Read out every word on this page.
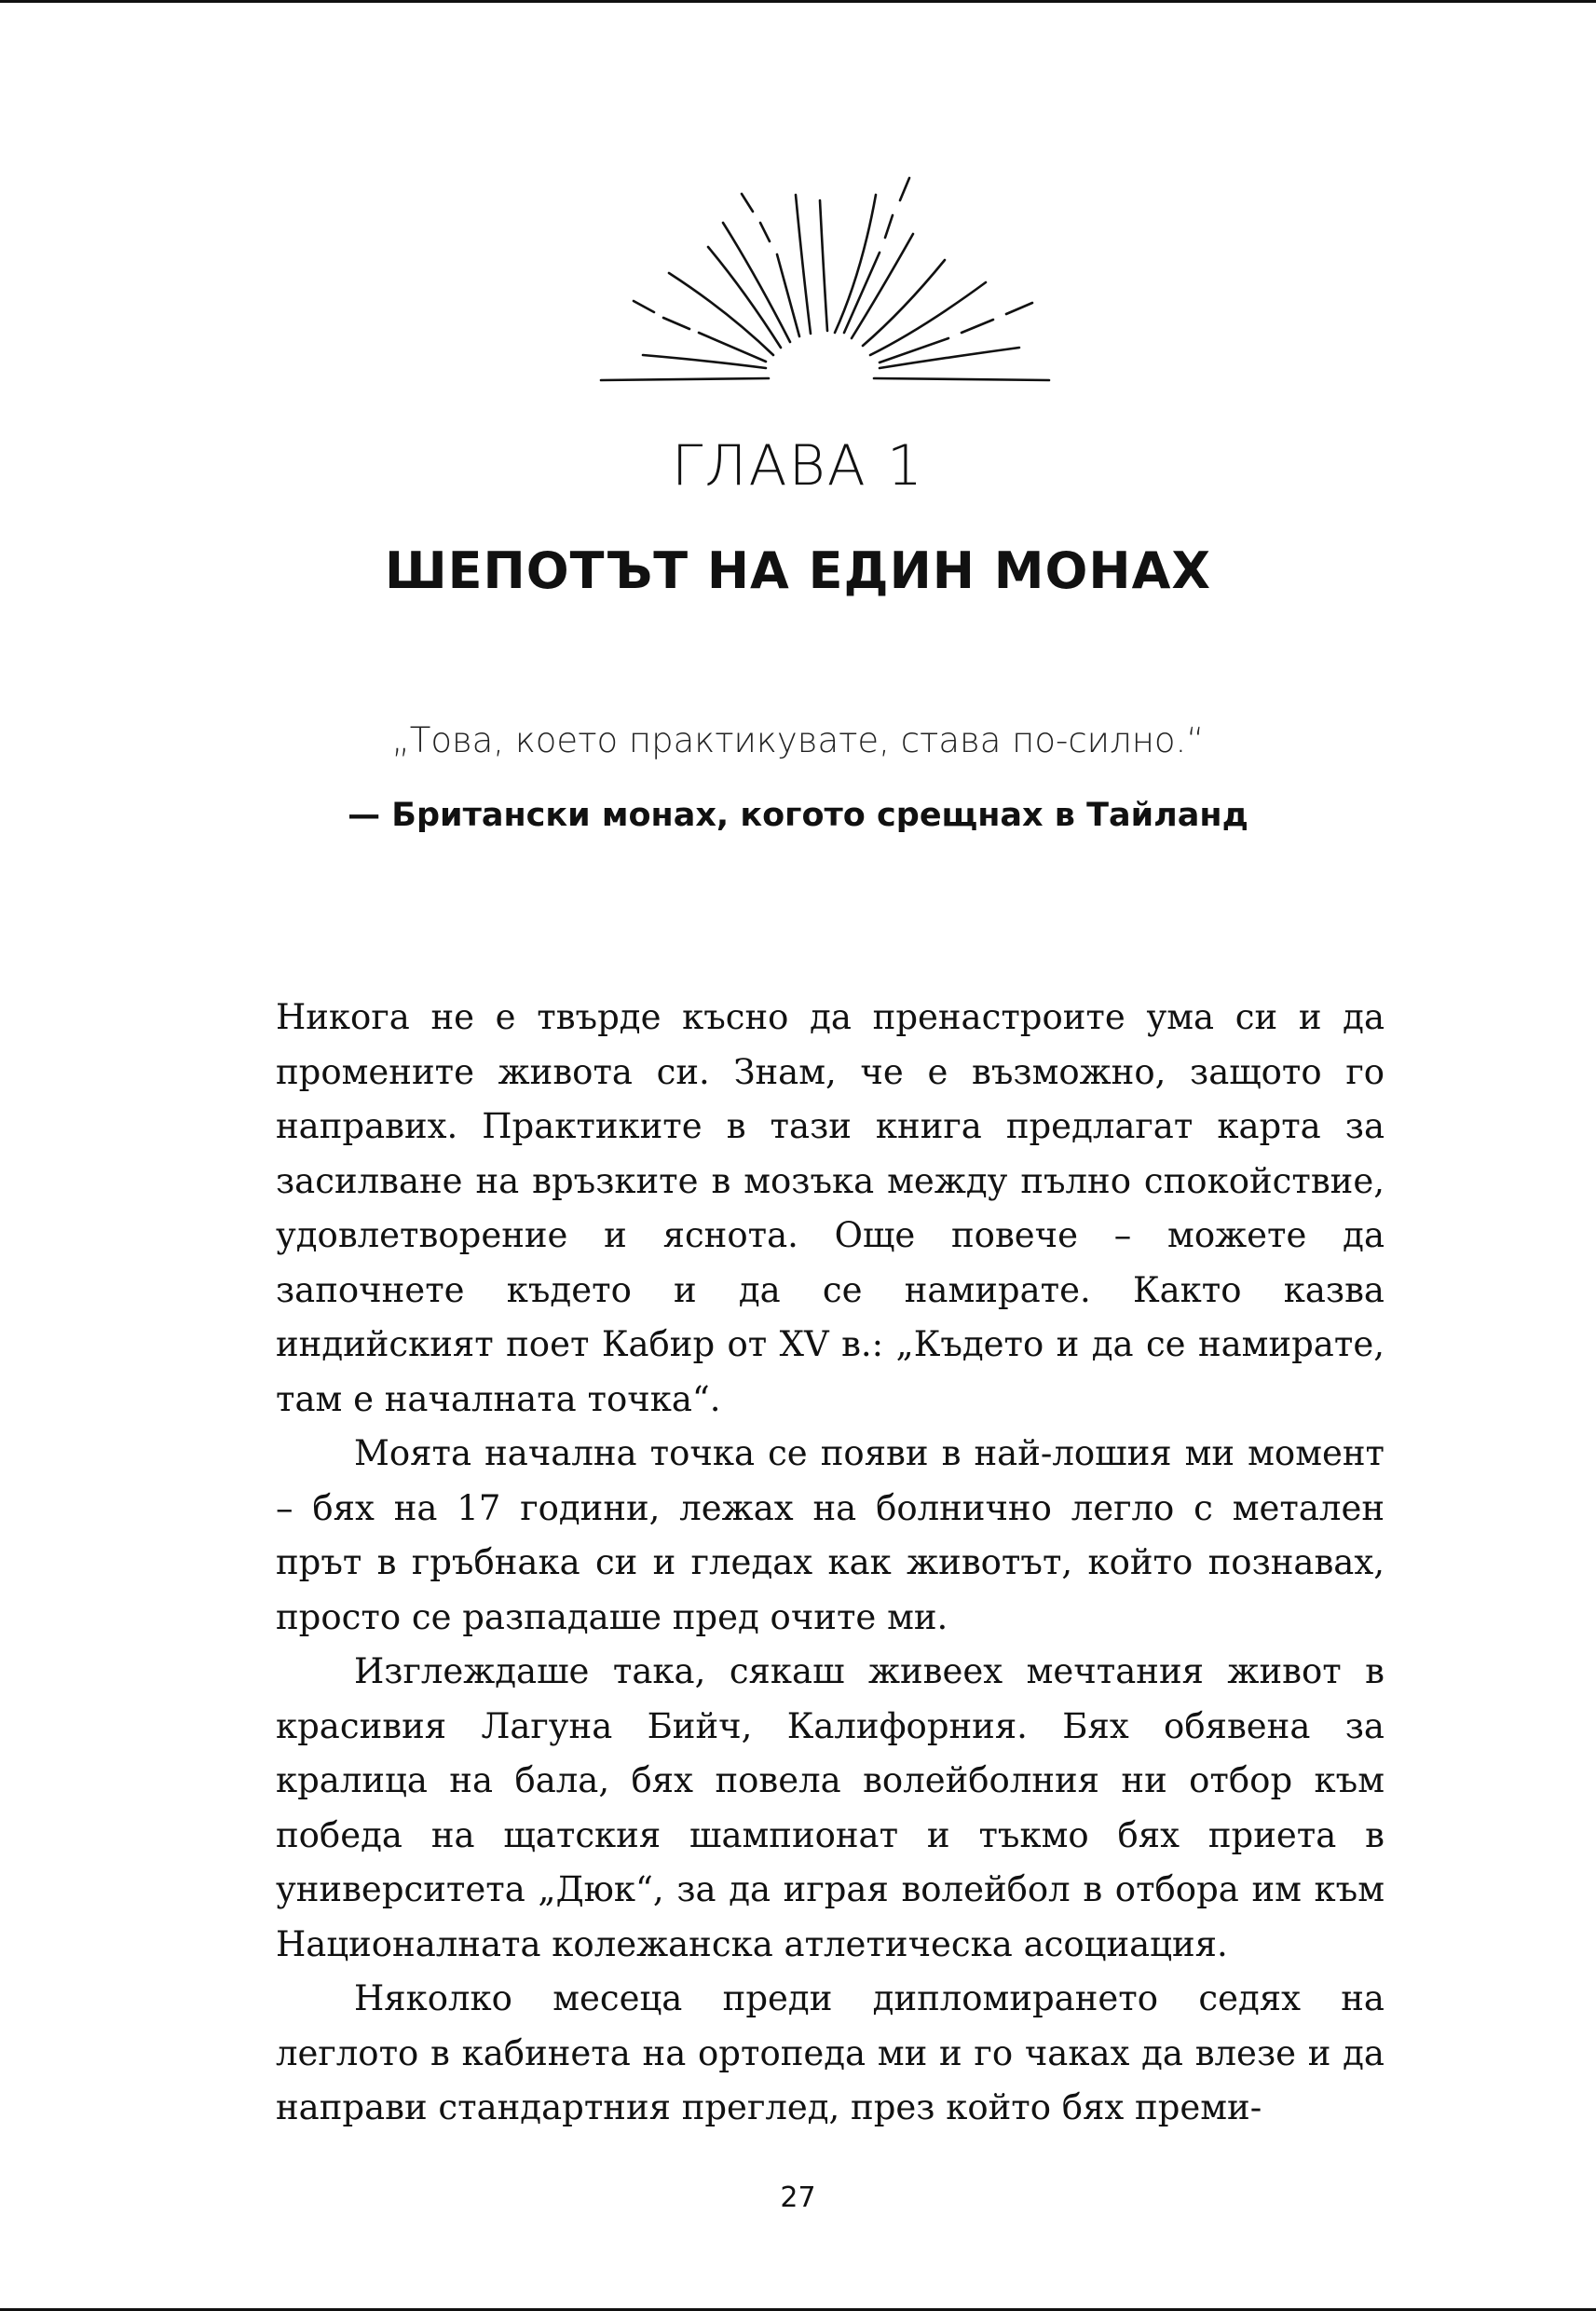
ГЛАВА 1
ШЕПОТЪТ НА ЕДИН МОНАХ
„Това, което практикувате, става по-силно.“
— Британски монах, когото срещнах в Тайланд

Никога не е твърде късно да пренастроите ума си и да промените живота си. Знам, че е възможно, защото го направих. Практиките в тази книга предлагат карта за засилване на връзките в мозъка между пълно спокойствие, удовлетворение и яснота. Още повече – можете да започнете където и да се намирате. Както казва индийският поет Кабир от XV в.: „Където и да се намирате, там е началната точка“.

Моята начална точка се появи в най-лошия ми момент – бях на 17 години, лежах на болнично легло с метален прът в гръбнака си и гледах как животът, който познавах, просто се разпадаше пред очите ми.

Изглеждаше така, сякаш живеех мечтания живот в красивия Лагуна Бийч, Калифорния. Бях обявена за кралица на бала, бях повела волейболния ни отбор към победа на щатския шампионат и тъкмо бях приета в университета „Дюк“, за да играя волейбол в отбора им към Националната колежанска атлетическа асоциация.

Няколко месеца преди дипломирането седях на леглото в кабинета на ортопеда ми и го чаках да влезе и да направи стандартния преглед, през който бях преми-

27
